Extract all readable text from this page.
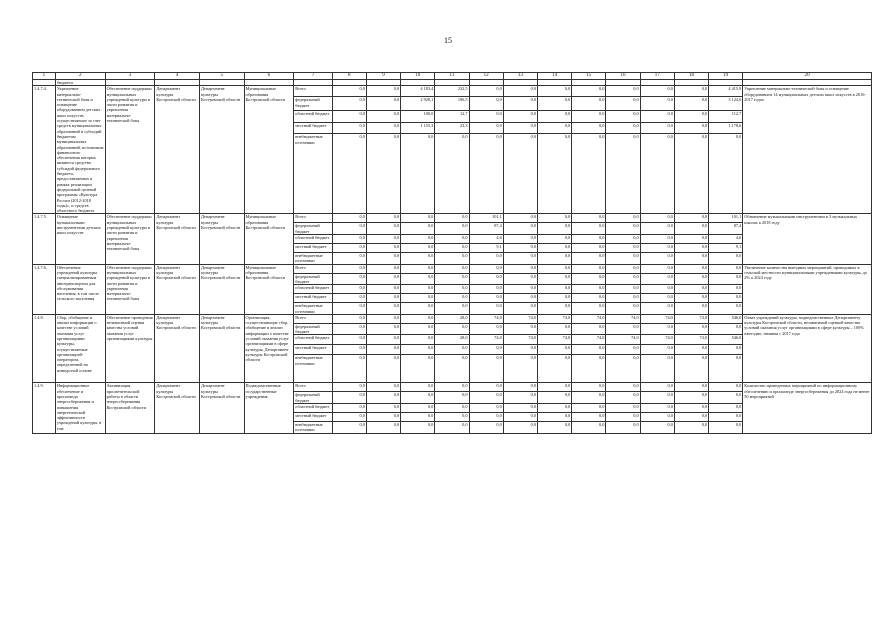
15
1	2	3	4	5	6	7	8	9	10	11	12	13	14	15	16	17	18	19	20
	бюджета																		
1.4.7.4.	Укрепление материально-технической базы и оснащение оборудованием детских школ искусств, осуществляемое за счет средств муниципальных образований и субсидий бюджетам муниципальных образований, источником финансового обеспечения которых являются средства субсидий федерального бюджета, предоставляемых в рамках реализации федеральной целевой программы «Культура России (2012-2018 годы)», и средств областного бюджета	Обеспечение поддержки муниципальных учреждений культуры в части развития и укрепления материально-технической базы	Департамент культуры Костромской области	Департамент культуры Костромской области	Муниципальные образования Костромской области	Всего	0,0	0,0	4 183,4	232,5	0,0	0,0	0,0	0,0	0,0	0,0	0,0	4 415,9	Укрепление материально-технической базы и оснащение оборудованием 14 муниципальных детских школ искусств в 2016-2017 годах
						федеральный бюджет	0,0	0,0	2 928,1	196,5	0,0	0,0	0,0	0,0	0,0	0,0	0,0	3 124,6	
						областной бюджет	0,0	0,0	100,0	12,7	0,0	0,0	0,0	0,0	0,0	0,0	0,0	112,7	
						местный бюджет	0,0	0,0	1 155,3	23,3	0,0	0,0	0,0	0,0	0,0	0,0	0,0	1 178,6	
						внебюджетные источники	0,0	0,0	0,0	0,0	0,0	0,0	0,0	0,0	0,0	0,0	0,0	0,0	
1.4.7.5.	Оснащение музыкальными инструментами детских школ искусств	Обеспечение поддержки муниципальных учреждений культуры в части развития и укрепления материально-технической базы	Департамент культуры Костромской области	Департамент культуры Костромской области	Муниципальные образования Костромской области	Всего	0,0	0,0	0,0	0,0	101,1	0,0	0,0	0,0	0,0	0,0	0,0	101,1	Обновление музыкальными инструментами в 3 музыкальных школах к 2018 году
						федеральный бюджет	0,0	0,0	0,0	0,0	87,4	0,0	0,0	0,0	0,0	0,0	0,0	87,4	
						областной бюджет	0,0	0,0	0,0	0,0	4,6	0,0	0,0	0,0	0,0	0,0	0,0	4,6	
						местный бюджет	0,0	0,0	0,0	0,0	9,1	0,0	0,0	0,0	0,0	0,0	0,0	9,1	
						внебюджетные источники	0,0	0,0	0,0	0,0	0,0	0,0	0,0	0,0	0,0	0,0	0,0	0,0	
1.4.7.6.	Обеспечение учреждений культуры специализированным автотранспортом для обслуживания населения, в том числе сельского населения	Обеспечение поддержки муниципальных учреждений культуры в части развития и укрепления материально-технической базы	Департамент культуры Костромской области	Департамент культуры Костромской области	Муниципальные образования Костромской области	Всего	0,0	0,0	0,0	0,0	0,0	0,0	0,0	0,0	0,0	0,0	0,0	0,0	Увеличение количества выездных мероприятий, проводимых в сельской местности муниципальными учреждениями культуры, до 2% к 2024 году
						федеральный бюджет	0,0	0,0	0,0	0,0	0,0	0,0	0,0	0,0	0,0	0,0	0,0	0,0	
						областной бюджет	0,0	0,0	0,0	0,0	0,0	0,0	0,0	0,0	0,0	0,0	0,0	0,0	
						местный бюджет	0,0	0,0	0,0	0,0	0,0	0,0	0,0	0,0	0,0	0,0	0,0	0,0	
						внебюджетные источники	0,0	0,0	0,0	0,0	0,0	0,0	0,0	0,0	0,0	0,0	0,0	0,0	
1.4.8.	Сбор, обобщение и анализ информации о качестве условий оказания услуг организациями культуры, осуществляемые организацией-оператором, определенной на конкурсной основе	Обеспечение проведения независимой оценки качества условий оказания услуг организациями культуры	Департамент культуры Костромской области	Департамент культуры Костромской области	Организация, осуществляющие сбор, обобщение и анализ информации о качестве условий оказания услуг организациями в сфере культуры, Департамент культуры Костромской области	Всего	0,0	0,0	0,0	28,0	74,0	74,0	74,0	74,0	74,0	74,0	74,0	546,0	Охват учреждений культуры, подведомственных Департаменту культуры Костромской области, независимой оценкой качества условий оказания услуг организациями в сфере культуры – 100% ежегодно, начиная с 2017 года
						федеральный бюджет	0,0	0,0	0,0	0,0	0,0	0,0	0,0	0,0	0,0	0,0	0,0	0,0	
						областной бюджет	0,0	0,0	0,0	28,0	74,0	74,0	74,0	74,0	74,0	74,0	74,0	546,0	
						местный бюджет	0,0	0,0	0,0	0,0	0,0	0,0	0,0	0,0	0,0	0,0	0,0	0,0	
						внебюджетные источники	0,0	0,0	0,0	0,0	0,0	0,0	0,0	0,0	0,0	0,0	0,0	0,0	
1.4.9.	Информационное обеспечение и пропаганда энергосбережения и повышения энергетической эффективности учреждений культуры, в том	Активизация просветительской работы в области энергосбережения Костромской области	Департамент культуры Костромской области	Департамент культуры Костромской области	Подведомственные государственные учреждения	Всего	0,0	0,0	0,0	0,0	0,0	0,0	0,0	0,0	0,0	0,0	0,0	0,0	Количество проведенных мероприятий по информационному обеспечению и пропаганде энергосбережения до 2024 года не менее 50 мероприятий
						федеральный бюджет	0,0	0,0	0,0	0,0	0,0	0,0	0,0	0,0	0,0	0,0	0,0	0,0	
						областной бюджет	0,0	0,0	0,0	0,0	0,0	0,0	0,0	0,0	0,0	0,0	0,0	0,0	
						местный бюджет	0,0	0,0	0,0	0,0	0,0	0,0	0,0	0,0	0,0	0,0	0,0	0,0	
						внебюджетные источники	0,0	0,0	0,0	0,0	0,0	0,0	0,0	0,0	0,0	0,0	0,0	0,0	
